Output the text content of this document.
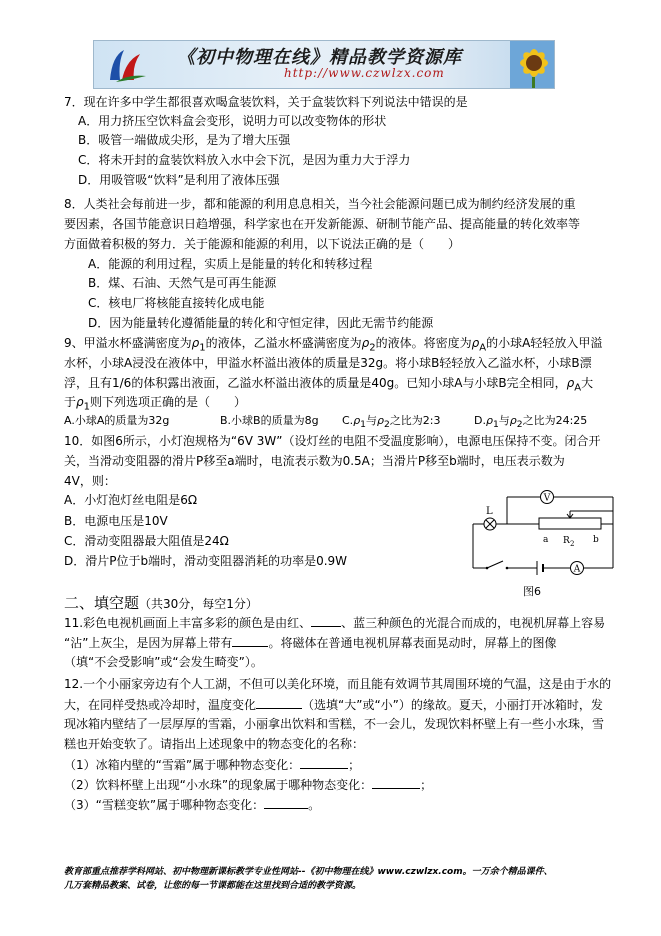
《初中物理在线》精品教学资源库
http://www.czwlzx.com
7．现在许多中学生都很喜欢喝盒装饮料，关于盒装饮料下列说法中错误的是
A．用力挤压空饮料盒会变形，说明力可以改变物体的形状
B．吸管一端做成尖形，是为了增大压强
C．将未开封的盒装饮料放入水中会下沉，是因为重力大于浮力
D．用吸管吸“饮料”是利用了液体压强
8．人类社会每前进一步，都和能源的利用息息相关，当今社会能源问题已成为制约经济发展的重
要因素，各国节能意识日趋增强，科学家也在开发新能源、研制节能产品、提高能量的转化效率等
方面做着积极的努力．关于能源和能源的利用，以下说法正确的是（　　）
A．能源的利用过程，实质上是能量的转化和转移过程
B．煤、石油、天然气是可再生能源
C．核电厂将核能直接转化成电能
D．因为能量转化遵循能量的转化和守恒定律，因此无需节约能源
9、甲溢水杯盛满密度为$\rho_1$的液体，乙溢水杯盛满密度为$\rho_2$的液体。将密度为$\rho_A$的小球A轻轻放入甲溢
水杯，小球A浸没在液体中，甲溢水杯溢出液体的质量是32g。将小球B轻轻放入乙溢水杯，小球B漂
浮，且有1/6的体积露出液面，乙溢水杯溢出液体的质量是40g。已知小球A与小球B完全相同，$\rho_A$大
于$\rho_1$则下列选项正确的是（　　）
A.小球A的质量为32g	B.小球B的质量为8g $C.\rho_1$与$\rho_2$之比为2:3	$D.\rho_1$与$\rho_2$之比为24:25
10．如图6所示，小灯泡规格为“6V 3W”（设灯丝的电阻不受温度影响），电源电压保持不变。闭合开
关，当滑动变阻器的滑片P移至a端时，电流表示数为0.5A；当滑片P移至b端时，电压表示数为
4V，则：
A．小灯泡灯丝电阻是6Ω
B．电源电压是10V
C．滑动变阻器最大阻值是24Ω
D．滑片P位于b端时，滑动变阻器消耗的功率是0.9W
V
A
L
a R 2 b
图6
二、填空题（共30分，每空1分）
11.彩色电视机画面上丰富多彩的颜色是由红、	、蓝三种颜色的光混合而成的，电视机屏幕上容易
“沾”上灰尘，是因为屏幕上带有	。将磁体在普通电视机屏幕表面晃动时，屏幕上的图像
（填“不会受影响”或“会发生畸变”）。
12.一个小丽家旁边有个人工湖，不但可以美化环境，而且能有效调节其周围环境的气温，这是由于水的
大，在同样受热或冷却时，温度变化	（选填“大”或“小”）的缘故。夏天，小丽打开冰箱时，发
现冰箱内壁结了一层厚厚的雪霜，小丽拿出饮料和雪糕，不一会儿，发现饮料杯壁上有一些小水珠，雪
糕也开始变软了。请指出上述现象中的物态变化的名称：
（1）冰箱内壁的“雪霜”属于哪种物态变化：	；
（2）饮料杯壁上出现“小水珠”的现象属于哪种物态变化：	；
（3）“雪糕变软”属于哪种物态变化：	。
教育部重点推荐学科网站、初中物理新课标教学专业性网站--《初中物理在线》www.czwlzx.com。一万余个精品课件、
几万套精品教案、试卷，让您的每一节课都能在这里找到合适的教学资源。
